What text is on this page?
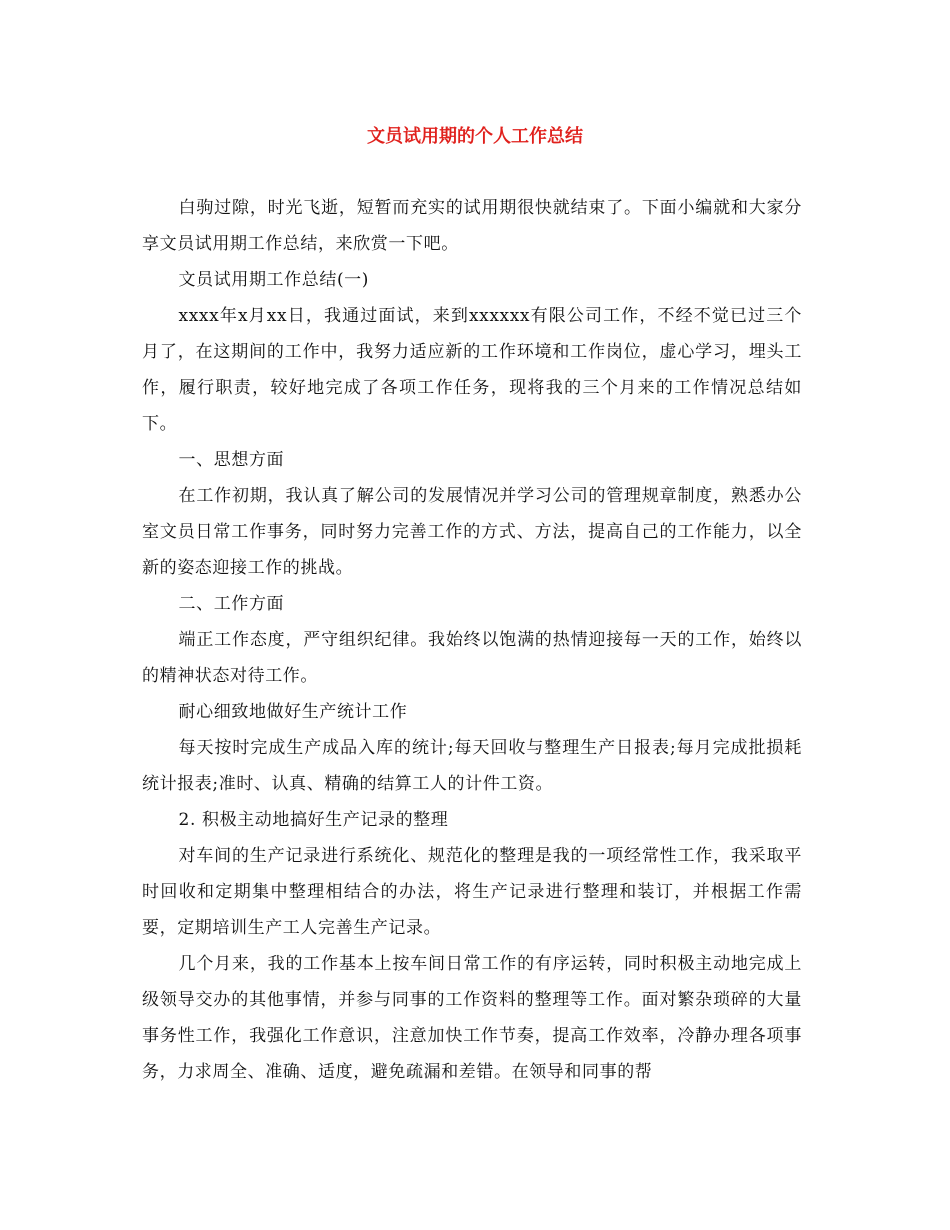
文员试用期的个人工作总结

白驹过隙，时光飞逝，短暂而充实的试用期很快就结束了。下面小编就和大家分享文员试用期工作总结，来欣赏一下吧。

文员试用期工作总结(一)

xxxx年x月xx日，我通过面试，来到xxxxxx有限公司工作，不经不觉已过三个月了，在这期间的工作中，我努力适应新的工作环境和工作岗位，虚心学习，埋头工作，履行职责，较好地完成了各项工作任务，现将我的三个月来的工作情况总结如下。

一、思想方面

在工作初期，我认真了解公司的发展情况并学习公司的管理规章制度，熟悉办公室文员日常工作事务，同时努力完善工作的方式、方法，提高自己的工作能力，以全新的姿态迎接工作的挑战。

二、工作方面

端正工作态度，严守组织纪律。我始终以饱满的热情迎接每一天的工作，始终以的精神状态对待工作。

耐心细致地做好生产统计工作

每天按时完成生产成品入库的统计;每天回收与整理生产日报表;每月完成批损耗统计报表;准时、认真、精确的结算工人的计件工资。

2. 积极主动地搞好生产记录的整理

对车间的生产记录进行系统化、规范化的整理是我的一项经常性工作，我采取平时回收和定期集中整理相结合的办法，将生产记录进行整理和装订，并根据工作需要，定期培训生产工人完善生产记录。

几个月来，我的工作基本上按车间日常工作的有序运转，同时积极主动地完成上级领导交办的其他事情，并参与同事的工作资料的整理等工作。面对繁杂琐碎的大量事务性工作，我强化工作意识，注意加快工作节奏，提高工作效率，冷静办理各项事务，力求周全、准确、适度，避免疏漏和差错。在领导和同事的帮
